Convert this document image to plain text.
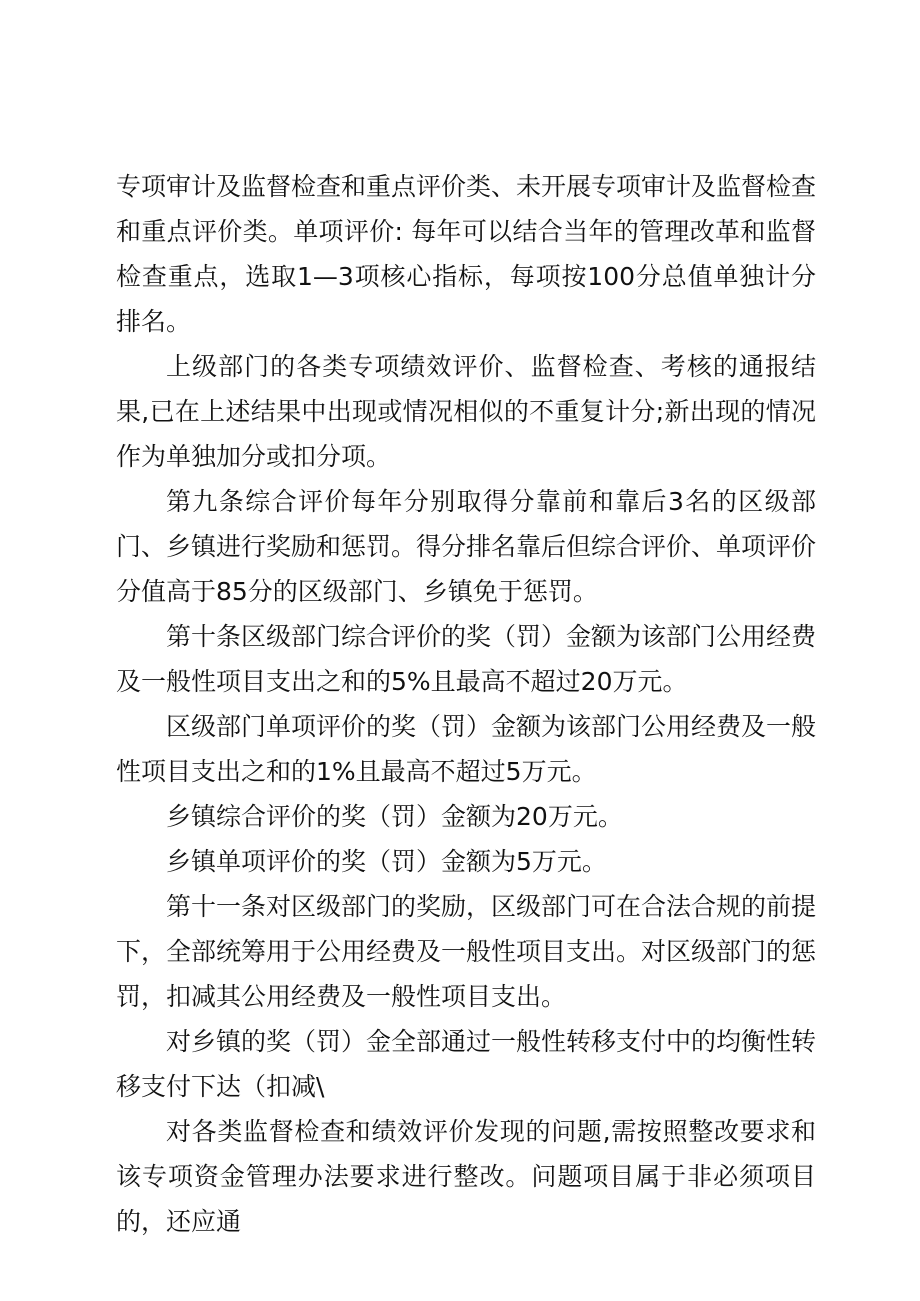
专项审计及监督检查和重点评价类、未开展专项审计及监督检查和重点评价类。单项评价: 每年可以结合当年的管理改革和监督检查重点，选取1—3项核心指标，每项按100分总值单独计分排名。

上级部门的各类专项绩效评价、监督检查、考核的通报结果,已在上述结果中出现或情况相似的不重复计分;新出现的情况作为单独加分或扣分项。

第九条综合评价每年分别取得分靠前和靠后3名的区级部门、乡镇进行奖励和惩罚。得分排名靠后但综合评价、单项评价分值高于85分的区级部门、乡镇免于惩罚。

第十条区级部门综合评价的奖（罚）金额为该部门公用经费及一般性项目支出之和的5%且最高不超过20万元。

区级部门单项评价的奖（罚）金额为该部门公用经费及一般性项目支出之和的1%且最高不超过5万元。

乡镇综合评价的奖（罚）金额为20万元。

乡镇单项评价的奖（罚）金额为5万元。

第十一条对区级部门的奖励，区级部门可在合法合规的前提下，全部统筹用于公用经费及一般性项目支出。对区级部门的惩罚，扣减其公用经费及一般性项目支出。

对乡镇的奖（罚）金全部通过一般性转移支付中的均衡性转移支付下达（扣减\

对各类监督检查和绩效评价发现的问题,需按照整改要求和该专项资金管理办法要求进行整改。问题项目属于非必须项目的，还应通
